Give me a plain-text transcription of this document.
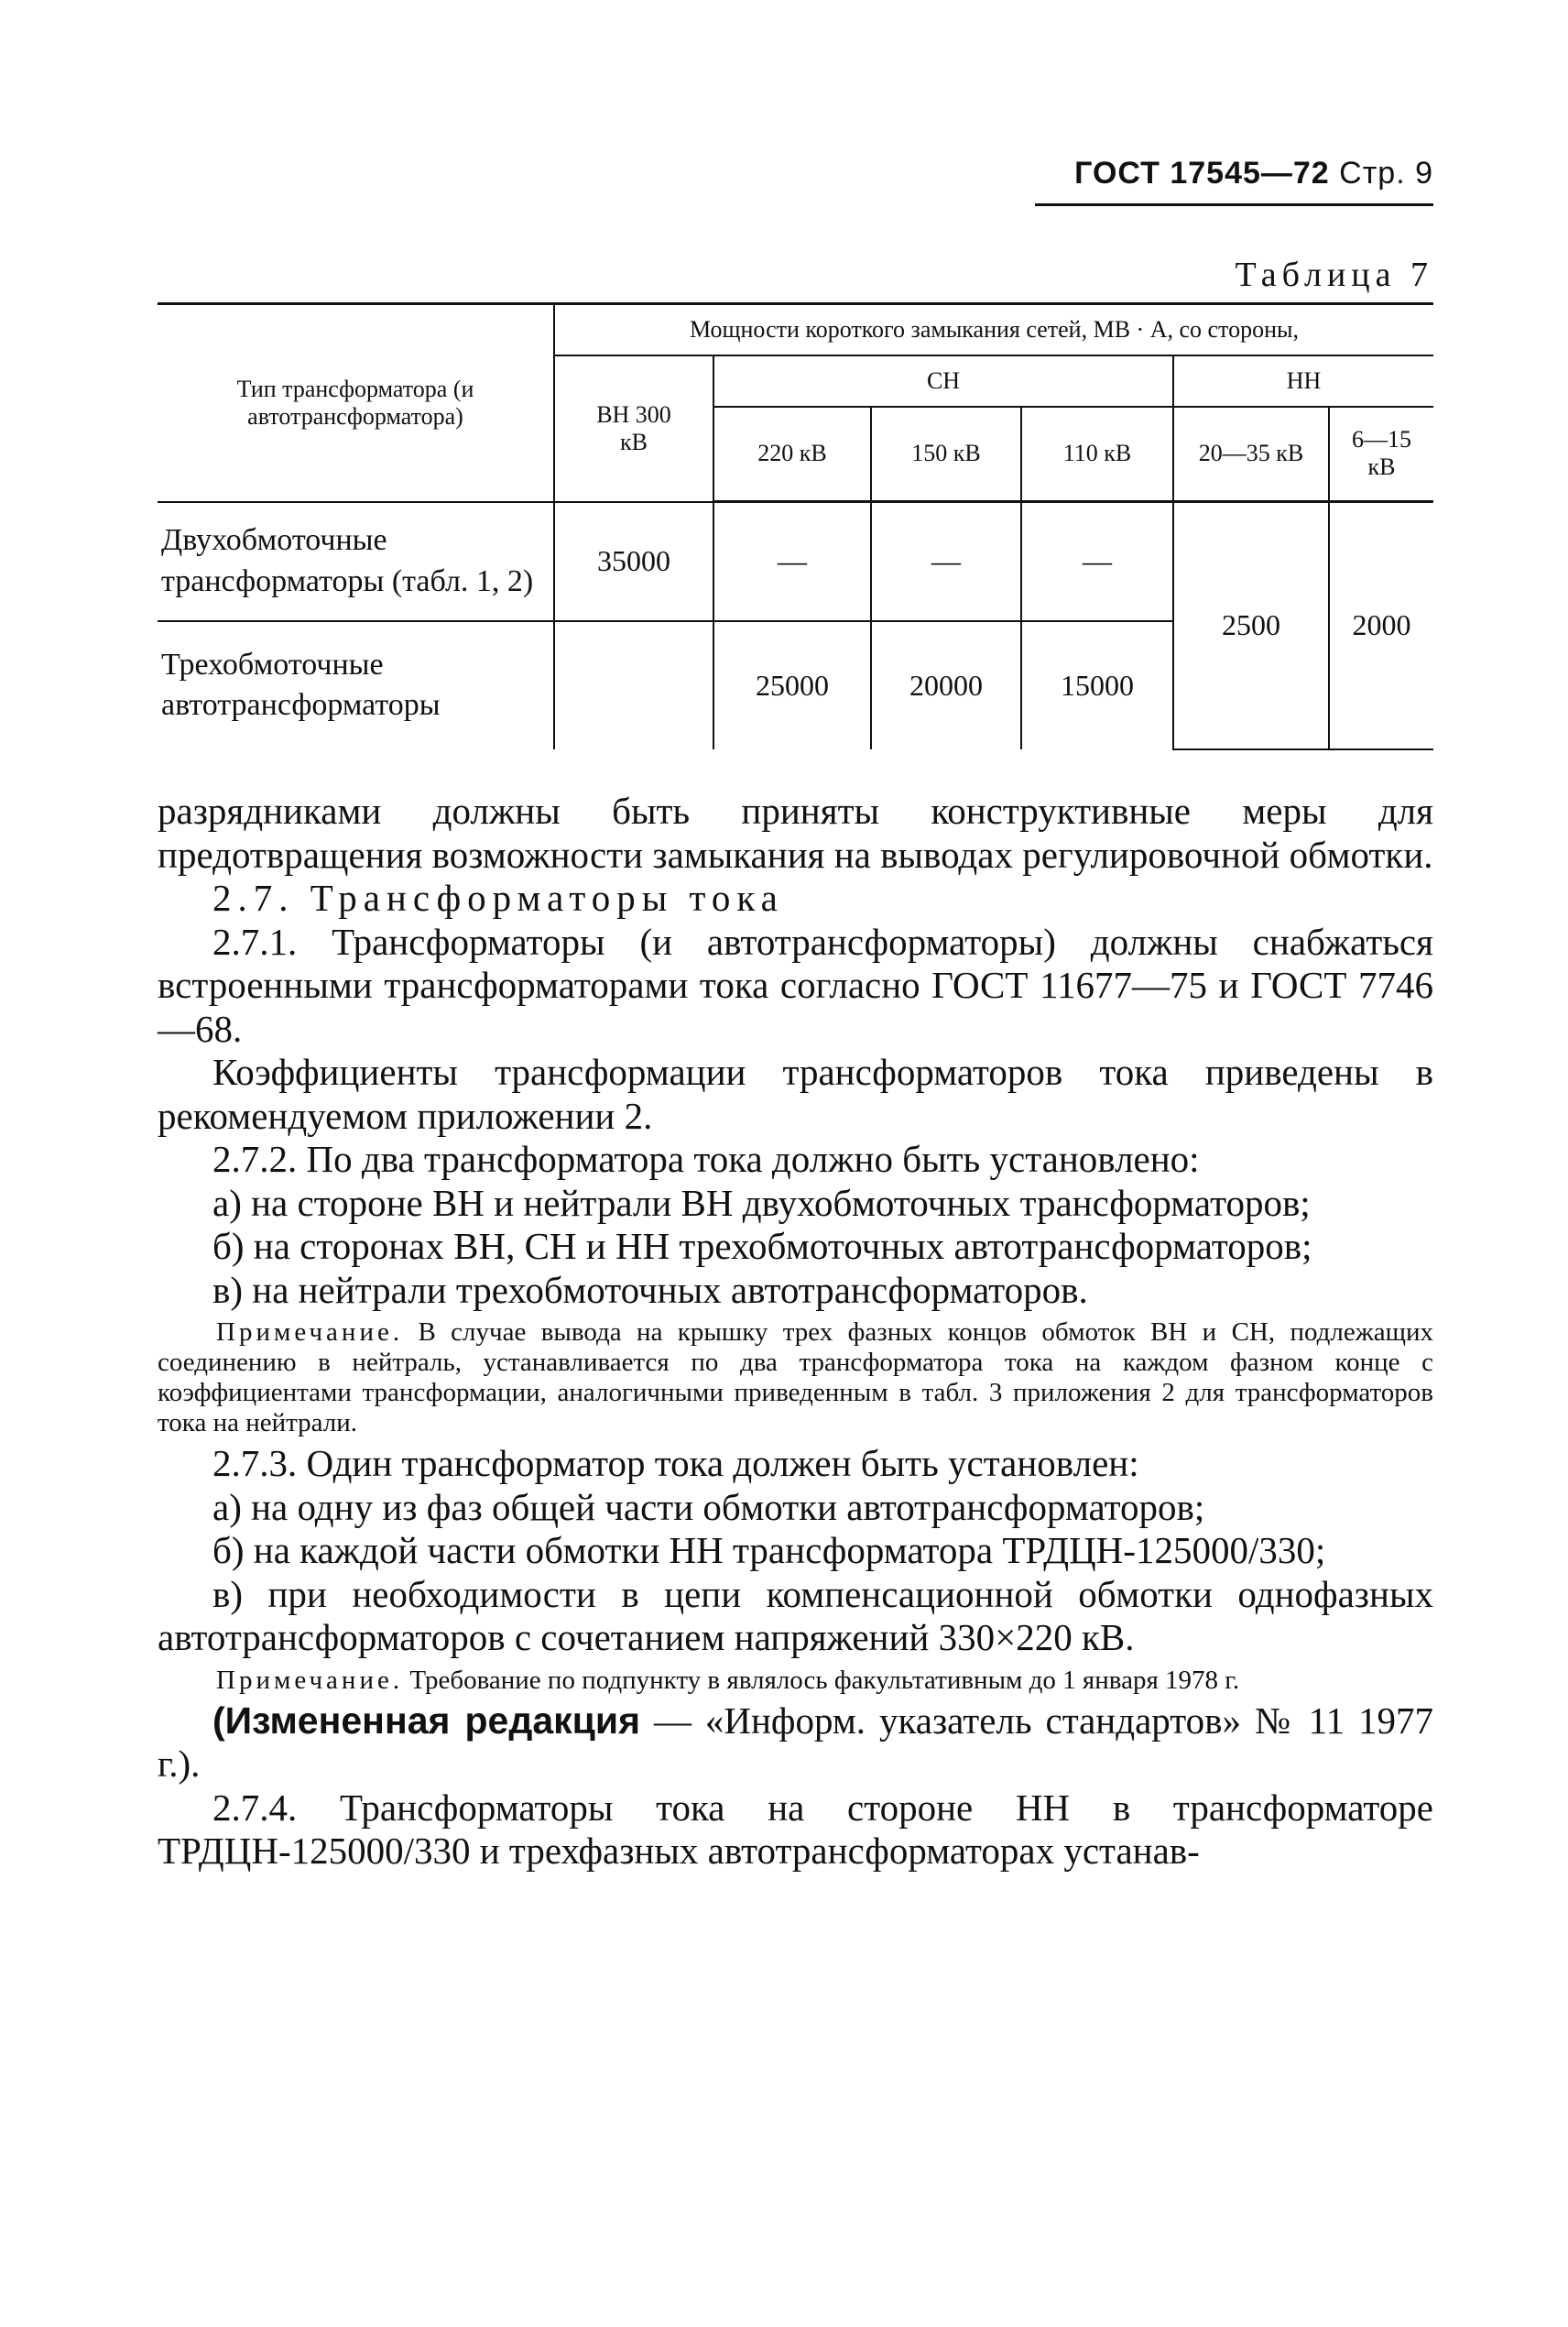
ГОСТ 17545—72 Стр. 9
Таблица 7
Тип трансформатора (и автотрансформатора)	Мощности короткого замыкания сетей, МВ · А, со стороны,					
	ВН 300 кВ	СН			НН	
		220 кВ	150 кВ	110 кВ	20—35 кВ	6—15 кВ
Двухобмоточные трансформаторы (табл. 1, 2)	35000	—	—	—	2500	2000
Трехобмоточные автотрансформаторы		25000	20000	15000		

разрядниками должны быть приняты конструктивные меры для предотвращения возможности замыкания на выводах регулировочной обмотки.

2.7. Трансформаторы тока

2.7.1. Трансформаторы (и автотрансформаторы) должны снабжаться встроенными трансформаторами тока согласно ГОСТ 11677—75 и ГОСТ 7746—68.

Коэффициенты трансформации трансформаторов тока приведены в рекомендуемом приложении 2.

2.7.2. По два трансформатора тока должно быть установлено:

а) на стороне ВН и нейтрали ВН двухобмоточных трансформаторов;

б) на сторонах ВН, СН и НН трехобмоточных автотрансформаторов;

в) на нейтрали трехобмоточных автотрансформаторов.

Примечание. В случае вывода на крышку трех фазных концов обмоток ВН и СН, подлежащих соединению в нейтраль, устанавливается по два трансформатора тока на каждом фазном конце с коэффициентами трансформации, аналогичными приведенным в табл. 3 приложения 2 для трансформаторов тока на нейтрали.

2.7.3. Один трансформатор тока должен быть установлен:

а) на одну из фаз общей части обмотки автотрансформаторов;

б) на каждой части обмотки НН трансформатора ТРДЦН-125000/330;

в) при необходимости в цепи компенсационной обмотки однофазных автотрансформаторов с сочетанием напряжений 330×220 кВ.

Примечание. Требование по подпункту в являлось факультативным до 1 января 1978 г.

(Измененная редакция — «Информ. указатель стандартов» № 11 1977 г.).

2.7.4. Трансформаторы тока на стороне НН в трансформаторе ТРДЦН-125000/330 и трехфазных автотрансформаторах устанав-
